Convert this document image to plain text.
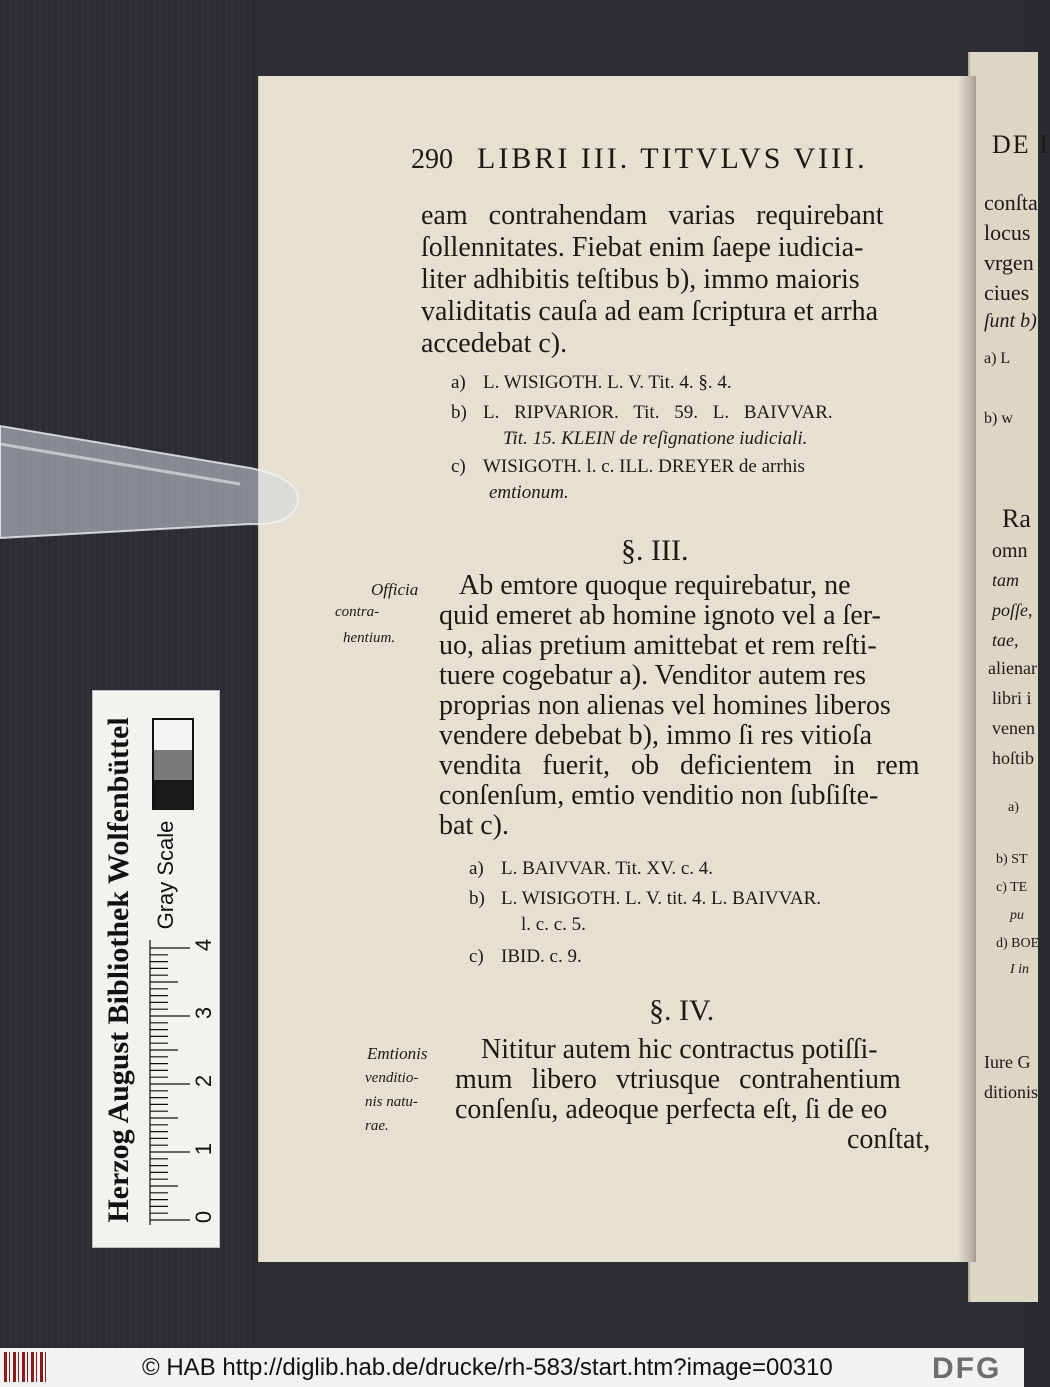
DE I
conſta
locus
vrgen
ciues
ſunt b)
a) L
b) w
Ra
omn
tam
poſſe,
tae,
alienar
libri i
venen
hoſtib
a)
b) ST
c) TE
pu
d) BOE
I in
Iure G
ditionis
290 LIBRI III. TITVLVS VIII.
eam contrahendam varias requirebant
ſollennitates. Fiebat enim ſaepe iudicia-
liter adhibitis teſtibus b), immo maioris
validitatis cauſa ad eam ſcriptura et arrha
accedebat c).
a) L. WISIGOTH. L. V. Tit. 4. §. 4.
b) L. RIPVARIOR. Tit. 59. L. BAIVVAR.
Tit. 15. KLEIN de reſignatione iudiciali.
c) WISIGOTH. l. c. ILL. DREYER de arrhis
emtionum.
§. III.
Officia
contra-
hentium.
Ab emtore quoque requirebatur, ne
quid emeret ab homine ignoto vel a ſer-
uo, alias pretium amittebat et rem reſti-
tuere cogebatur a). Venditor autem res
proprias non alienas vel homines liberos
vendere debebat b), immo ſi res vitioſa
vendita fuerit, ob deficientem in rem
conſenſum, emtio venditio non ſubſiſte-
bat c).
a) L. BAIVVAR. Tit. XV. c. 4.
b) L. WISIGOTH. L. V. tit. 4. L. BAIVVAR.
l. c. c. 5.
c) IBID. c. 9.
§. IV.
Emtionis
venditio-
nis natu-
rae.
Nititur autem hic contractus potiſſi-
mum libero vtriusque contrahentium
conſenſu, adeoque perfecta eſt, ſi de eo
conſtat,
Herzog August Bibliothek Wolfenbüttel Gray Scale
4
3
2
1
0
© HAB http://diglib.hab.de/drucke/rh-583/start.htm?image=00310	DFG
